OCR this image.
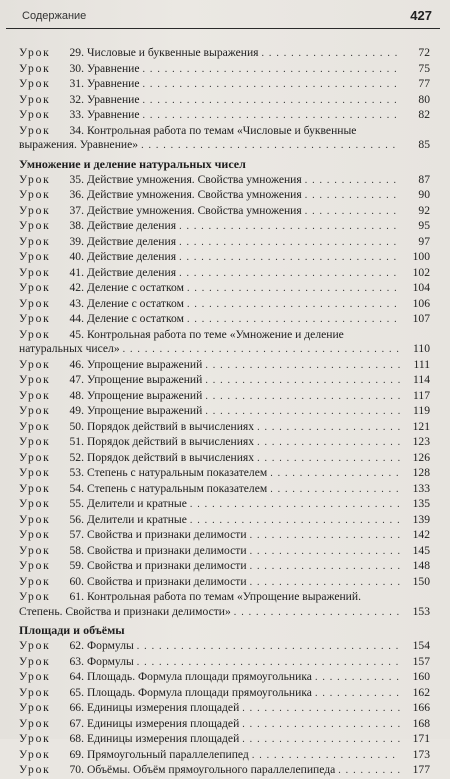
Содержание	427
Урок	29. Числовые и буквенные выражения . . .	72
Урок	30. Уравнение . . .	75
Урок	31. Уравнение . . .	77
Урок	32. Уравнение . . .	80
Урок	33. Уравнение . . .	82
Урок	34. Контрольная работа по темам «Числовые и буквенные
выражения. Уравнение» . . .	85
Умножение и деление натуральных чисел
Урок	35. Действие умножения. Свойства умножения . . .	87
Урок	36. Действие умножения. Свойства умножения . . .	90
Урок	37. Действие умножения. Свойства умножения . . .	92
Урок	38. Действие деления . . .	95
Урок	39. Действие деления . . .	97
Урок	40. Действие деления . . .	100
Урок	41. Действие деления . . .	102
Урок	42. Деление с остатком . . .	104
Урок	43. Деление с остатком . . .	106
Урок	44. Деление с остатком . . .	107
Урок	45. Контрольная работа по теме «Умножение и деление
натуральных чисел» . . .	110
Урок	46. Упрощение выражений . . .	111
Урок	47. Упрощение выражений . . .	114
Урок	48. Упрощение выражений . . .	117
Урок	49. Упрощение выражений . . .	119
Урок	50. Порядок действий в вычислениях . . .	121
Урок	51. Порядок действий в вычислениях . . .	123
Урок	52. Порядок действий в вычислениях . . .	126
Урок	53. Степень с натуральным показателем . . .	128
Урок	54. Степень с натуральным показателем . . .	133
Урок	55. Делители и кратные . . .	135
Урок	56. Делители и кратные . . .	139
Урок	57. Свойства и признаки делимости . . .	142
Урок	58. Свойства и признаки делимости . . .	145
Урок	59. Свойства и признаки делимости . . .	148
Урок	60. Свойства и признаки делимости . . .	150
Урок	61. Контрольная работа по темам «Упрощение выражений.
Степень. Свойства и признаки делимости» . . .	153
Площади и объёмы
Урок	62. Формулы . . .	154
Урок	63. Формулы . . .	157
Урок	64. Площадь. Формула площади прямоугольника . . .	160
Урок	65. Площадь. Формула площади прямоугольника . . .	162
Урок	66. Единицы измерения площадей . . .	166
Урок	67. Единицы измерения площадей . . .	168
Урок	68. Единицы измерения площадей . . .	171
Урок	69. Прямоугольный параллелепипед . . .	173
Урок	70. Объёмы. Объём прямоугольного параллелепипеда . . .	177
